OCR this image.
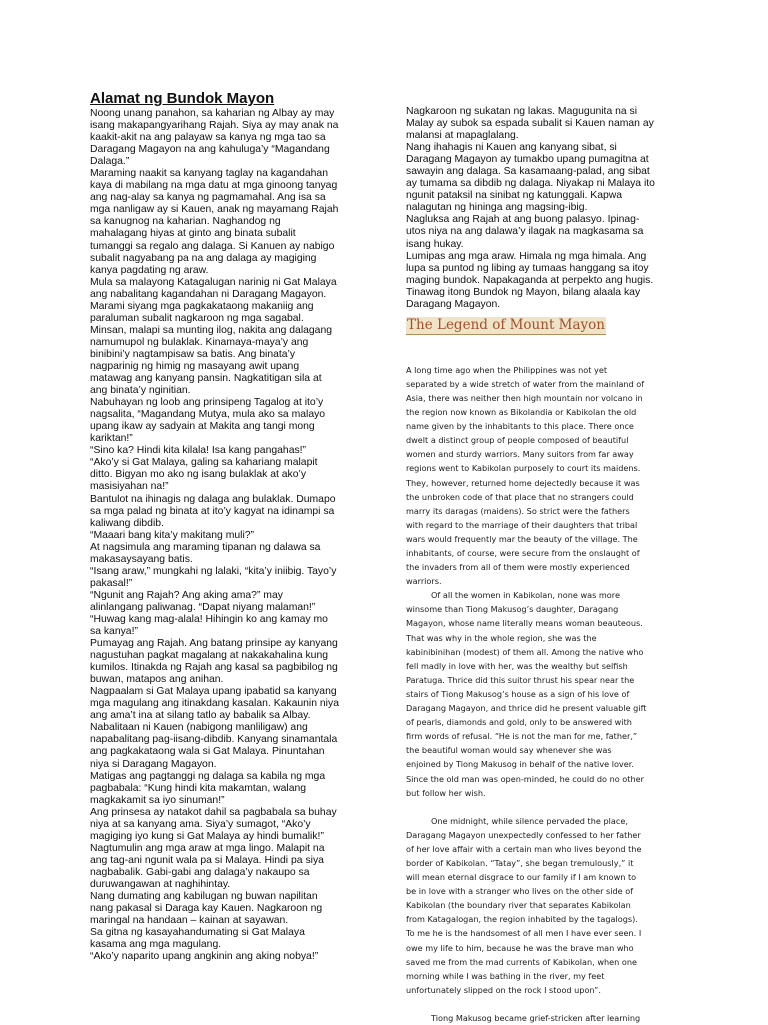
Alamat ng Bundok Mayon

Noong unang panahon, sa kaharian ng Albay ay may
isang makapangyarihang Rajah. Siya ay may anak na
kaakit-akit na ang palayaw sa kanya ng mga tao sa
Daragang Magayon na ang kahuluga’y “Magandang
Dalaga.”

Maraming naakit sa kanyang taglay na kagandahan
kaya di mabilang na mga datu at mga ginoong tanyag
ang nag-alay sa kanya ng pagmamahal. Ang isa sa
mga nanligaw ay si Kauen, anak ng mayamang Rajah
sa kanugnog na kaharian. Naghandog ng
mahalagang hiyas at ginto ang binata subalit
tumanggi sa regalo ang dalaga. Si Kanuen ay nabigo
subalit nagyabang pa na ang dalaga ay magiging
kanya pagdating ng araw.

Mula sa malayong Katagalugan narinig ni Gat Malaya
ang nabalitang kagandahan ni Daragang Magayon.
Marami siyang mga pagkakataong makaniig ang
paraluman subalit nagkaroon ng mga sagabal.
Minsan, malapi sa munting ilog, nakita ang dalagang
namumupol ng bulaklak. Kinamaya-maya’y ang
binibini’y nagtampisaw sa batis. Ang binata’y
nagparinig ng himig ng masayang awit upang
matawag ang kanyang pansin. Nagkatitigan sila at
ang binata’y nginitian.

Nabuhayan ng loob ang prinsipeng Tagalog at ito’y
nagsalita, “Magandang Mutya, mula ako sa malayo
upang ikaw ay sadyain at Makita ang tangi mong
kariktan!”

“Sino ka? Hindi kita kilala! Isa kang pangahas!”

“Ako’y si Gat Malaya, galing sa kahariang malapit
ditto. Bigyan mo ako ng isang bulaklak at ako’y
masisiyahan na!”

Bantulot na ihinagis ng dalaga ang bulaklak. Dumapo
sa mga palad ng binata at ito’y kagyat na idinampi sa
kaliwang dibdib.

“Maaari bang kita’y makitang muli?”

At nagsimula ang maraming tipanan ng dalawa sa
makasaysayang batis.

“Isang araw,” mungkahi ng lalaki, “kita’y iniibig. Tayo’y
pakasal!”

“Ngunit ang Rajah? Ang aking ama?” may
alinlangang paliwanag. “Dapat niyang malaman!”

“Huwag kang mag-alala! Hihingin ko ang kamay mo
sa kanya!”

Pumayag ang Rajah. Ang batang prinsipe ay kanyang
nagustuhan pagkat magalang at nakakahalina kung
kumilos. Itinakda ng Rajah ang kasal sa pagbibilog ng
buwan, matapos ang anihan.

Nagpaalam si Gat Malaya upang ipabatid sa kanyang
mga magulang ang itinakdang kasalan. Kakaunin niya
ang ama’t ina at silang tatlo ay babalik sa Albay.

Nabalitaan ni Kauen (nabigong manliligaw) ang
napabalitang pag-iisang-dibdib. Kanyang sinamantala
ang pagkakataong wala si Gat Malaya. Pinuntahan
niya si Daragang Magayon.

Matigas ang pagtanggi ng dalaga sa kabila ng mga
pagbabala: “Kung hindi kita makamtan, walang
magkakamit sa iyo sinuman!”

Ang prinsesa ay natakot dahil sa pagbabala sa buhay
niya at sa kanyang ama. Siya’y sumagot, “Ako’y
magiging iyo kung si Gat Malaya ay hindi bumalik!”

Nagtumulin ang mga araw at mga lingo. Malapit na
ang tag-ani ngunit wala pa si Malaya. Hindi pa siya
nagbabalik. Gabi-gabi ang dalaga’y nakaupo sa
duruwangawan at naghihintay.

Nang dumating ang kabilugan ng buwan napilitan
nang pakasal si Daraga kay Kauen. Nagkaroon ng
maringal na handaan – kainan at sayawan.

Sa gitna ng kasayahandumating si Gat Malaya
kasama ang mga magulang.

“Ako’y naparito upang angkinin ang aking nobya!”

Nagkaroon ng sukatan ng lakas. Magugunita na si
Malay ay subok sa espada subalit si Kauen naman ay
malansi at mapaglalang.

Nang ihahagis ni Kauen ang kanyang sibat, si
Daragang Magayon ay tumakbo upang pumagitna at
sawayin ang dalaga. Sa kasamaang-palad, ang sibat
ay tumama sa dibdib ng dalaga. Niyakap ni Malaya ito
ngunit pataksil na sinibat ng katunggali. Kapwa
nalagutan ng hininga ang magsing-ibig.

Nagluksa ang Rajah at ang buong palasyo. Ipinag-
utos niya na ang dalawa’y ilagak na magkasama sa
isang hukay.

Lumipas ang mga araw. Himala ng mga himala. Ang
lupa sa puntod ng libing ay tumaas hanggang sa itoy
maging bundok. Napakaganda at perpekto ang hugis.
Tinawag itong Bundok ng Mayon, bilang alaala kay
Daragang Magayon.

The Legend of Mount Mayon

A long time ago when the Philippines was not yet

separated by a wide stretch of water from the mainland of

Asia, there was neither then high mountain nor volcano in

the region now known as Bikolandia or Kabikolan the old

name given by the inhabitants to this place. There once

dwelt a distinct group of people composed of beautiful

women and sturdy warriors. Many suitors from far away

regions went to Kabikolan purposely to court its maidens.

They, however, returned home dejectedly because it was

the unbroken code of that place that no strangers could

marry its daragas (maidens). So strict were the fathers

with regard to the marriage of their daughters that tribal

wars would frequently mar the beauty of the village. The

inhabitants, of course, were secure from the onslaught of

the invaders from all of them were mostly experienced

warriors.

Of all the women in Kabikolan, none was more

winsome than Tiong Makusog’s daughter, Daragang

Magayon, whose name literally means woman beauteous.

That was why in the whole region, she was the

kabinibinihan (modest) of them all. Among the native who

fell madly in love with her, was the wealthy but selfish

Paratuga. Thrice did this suitor thrust his spear near the

stairs of Tiong Makusog’s house as a sign of his love of

Daragang Magayon, and thrice did he present valuable gift

of pearls, diamonds and gold, only to be answered with

firm words of refusal. “He is not the man for me, father,”

the beautiful woman would say whenever she was

enjoined by Tiong Makusog in behalf of the native lover.

Since the old man was open-minded, he could do no other

but follow her wish.

One midnight, while silence pervaded the place,

Daragang Magayon unexpectedly confessed to her father

of her love affair with a certain man who lives beyond the

border of Kabikolan. “Tatay”, she began tremulously,” it

will mean eternal disgrace to our family if I am known to

be in love with a stranger who lives on the other side of

Kabikolan (the boundary river that separates Kabikolan

from Katagalogan, the region inhabited by the tagalogs).

To me he is the handsomest of all men I have ever seen. I

owe my life to him, because he was the brave man who

saved me from the mad currents of Kabikolan, when one

morning while I was bathing in the river, my feet

unfortunately slipped on the rock I stood upon”.

Tiong Makusog became grief-stricken after learning
